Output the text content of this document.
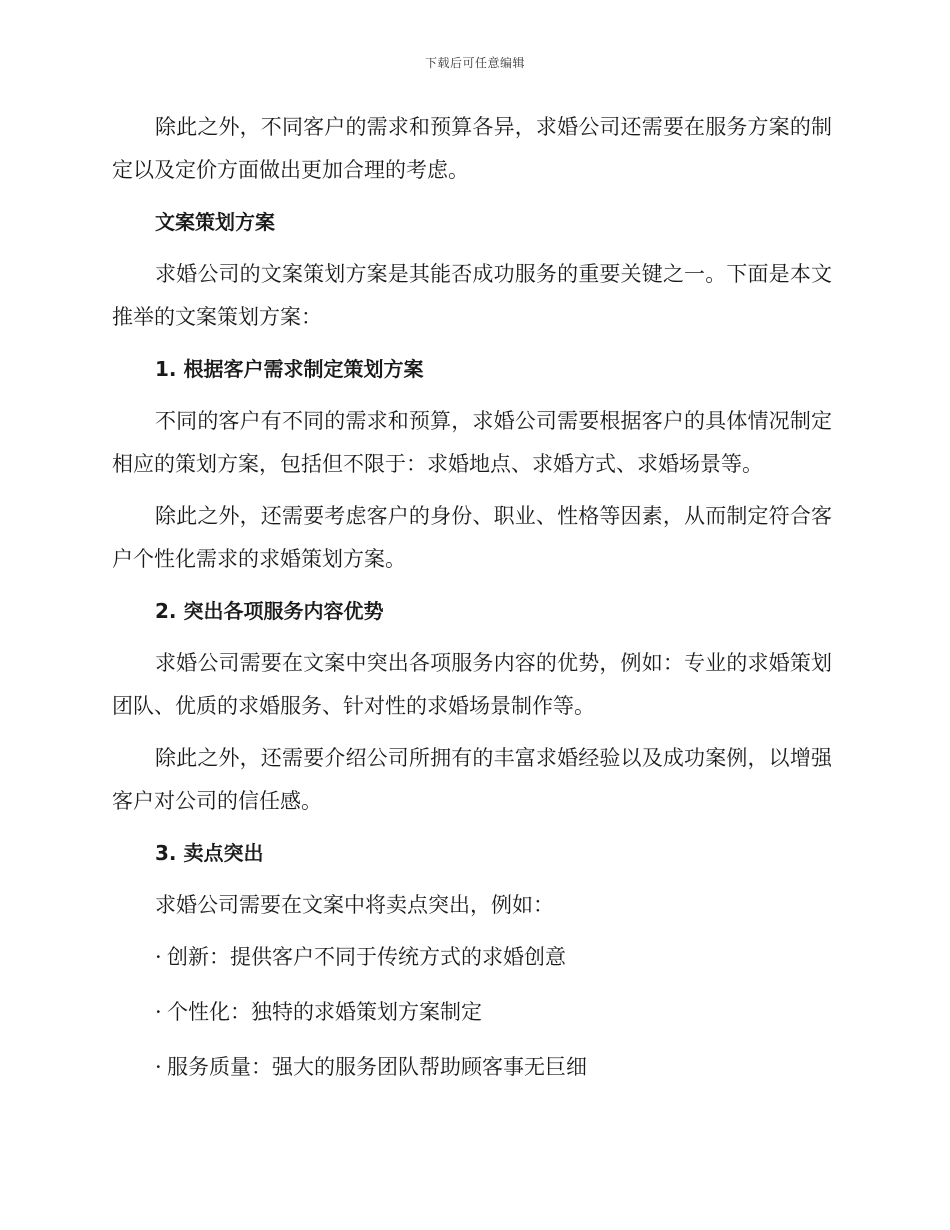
下载后可任意编辑

除此之外，不同客户的需求和预算各异，求婚公司还需要在服务方案的制定以及定价方面做出更加合理的考虑。

文案策划方案

求婚公司的文案策划方案是其能否成功服务的重要关键之一。下面是本文推举的文案策划方案：

1. 根据客户需求制定策划方案

不同的客户有不同的需求和预算，求婚公司需要根据客户的具体情况制定相应的策划方案，包括但不限于：求婚地点、求婚方式、求婚场景等。

除此之外，还需要考虑客户的身份、职业、性格等因素，从而制定符合客户个性化需求的求婚策划方案。

2. 突出各项服务内容优势

求婚公司需要在文案中突出各项服务内容的优势，例如：专业的求婚策划团队、优质的求婚服务、针对性的求婚场景制作等。

除此之外，还需要介绍公司所拥有的丰富求婚经验以及成功案例，以增强客户对公司的信任感。

3. 卖点突出

求婚公司需要在文案中将卖点突出，例如：

· 创新：提供客户不同于传统方式的求婚创意
· 个性化：独特的求婚策划方案制定
· 服务质量：强大的服务团队帮助顾客事无巨细
